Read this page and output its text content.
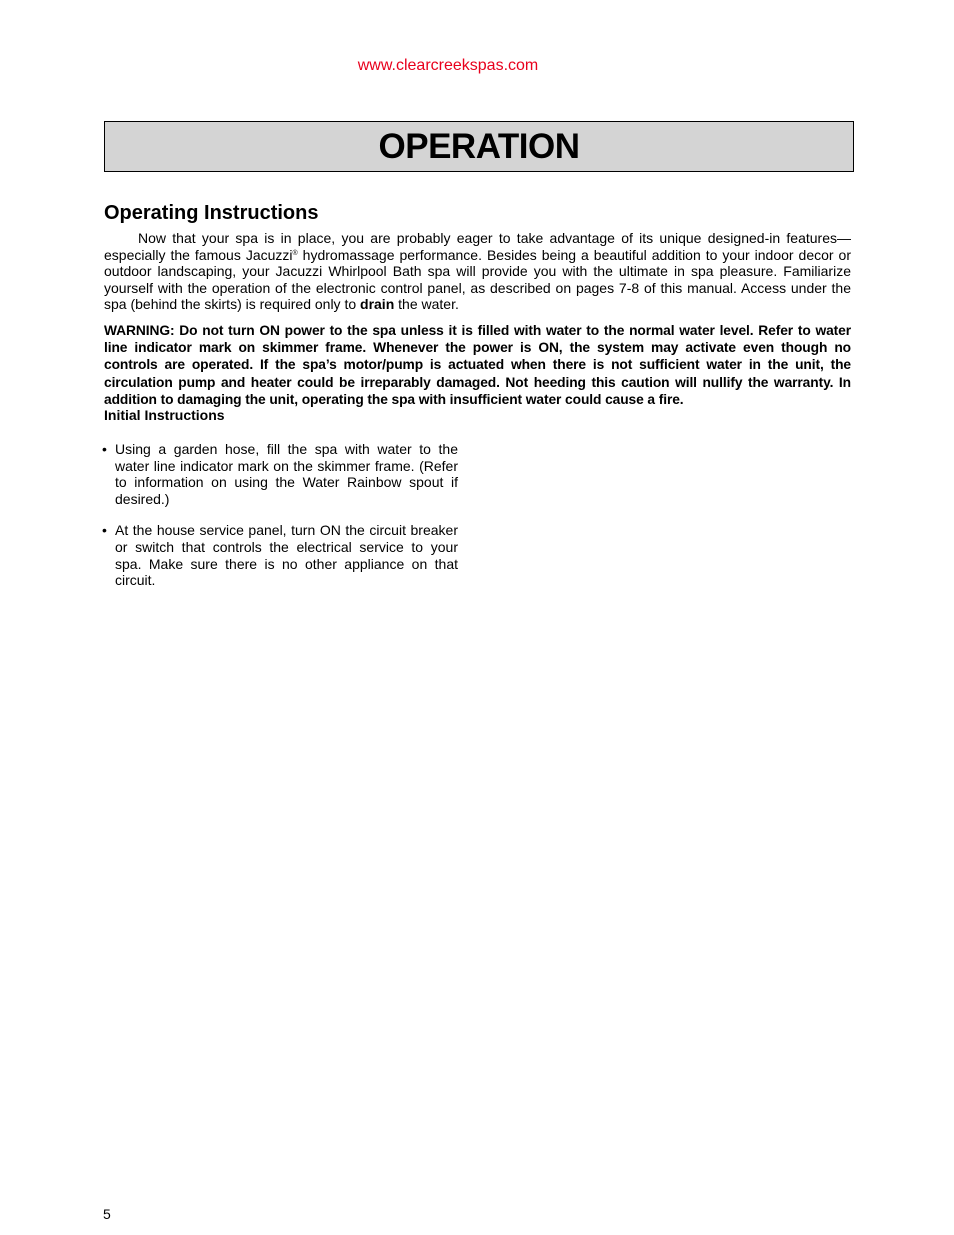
www.clearcreekspas.com
OPERATION
Operating Instructions

Now that your spa is in place, you are probably eager to take advantage of its unique designed-in features—especially the famous Jacuzzi® hydromassage performance. Besides being a beautiful addition to your indoor decor or outdoor landscaping, your Jacuzzi Whirlpool Bath spa will provide you with the ultimate in spa pleasure. Familiarize yourself with the operation of the electronic control panel, as described on pages 7-8 of this manual. Access under the spa (behind the skirts) is required only to drain the water.

WARNING: Do not turn ON power to the spa unless it is filled with water to the normal water level. Refer to water line indicator mark on skimmer frame. Whenever the power is ON, the system may activate even though no controls are operated. If the spa’s motor/pump is actuated when there is not sufficient water in the unit, the circulation pump and heater could be irreparably damaged. Not heeding this caution will nullify the warranty. In addition to damaging the unit, operating the spa with insufficient water could cause a fire.

Initial Instructions
• Using a garden hose, fill the spa with water to the water line indicator mark on the skimmer frame. (Refer to information on using the Water Rainbow spout if desired.)
• At the house service panel, turn ON the circuit breaker or switch that controls the electrical service to your spa. Make sure there is no other appliance on that circuit.
5
